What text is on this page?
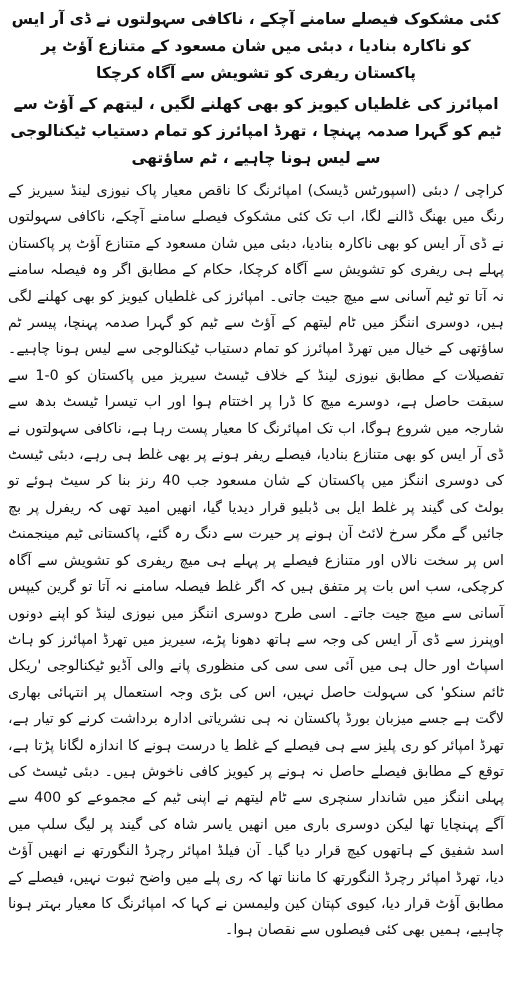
کئی مشکوک فیصلے سامنے آچکے ، ناکافی سہولتوں نے ڈی آر ایس کو ناکارہ بنادیا ، دبئی میں شان مسعود کے متنازع آؤٹ پر پاکستان ریفری کو تشویش سے آگاہ کرچکا
امپائرز کی غلطیاں کیویز کو بھی کھلنے لگیں ، لیتھم کے آؤٹ سے ٹیم کو گہرا صدمہ پہنچا ، تھرڈ امپائرز کو تمام دستیاب ٹیکنالوجی سے لیس ہونا چاہیے ، ٹم ساؤتھی

کراچی / دبئی (اسپورٹس ڈیسک) امپائرنگ کا ناقص معیار پاک نیوزی لینڈ سیریز کے رنگ میں بھنگ ڈالنے لگا، اب تک کئی مشکوک فیصلے سامنے آچکے، ناکافی سہولتوں نے ڈی آر ایس کو بھی ناکارہ بنادیا، دبئی میں شان مسعود کے متنازع آؤٹ پر پاکستان پہلے ہی ریفری کو تشویش سے آگاہ کرچکا، حکام کے مطابق اگر وہ فیصلہ سامنے نہ آتا تو ٹیم آسانی سے میچ جیت جاتی۔ امپائرز کی غلطیاں کیویز کو بھی کھلنے لگی ہیں، دوسری اننگز میں ٹام لیتھم کے آؤٹ سے ٹیم کو گہرا صدمہ پہنچا، پیسر ٹم ساؤتھی کے خیال میں تھرڈ امپائرز کو تمام دستیاب ٹیکنالوجی سے لیس ہونا چاہیے۔ تفصیلات کے مطابق نیوزی لینڈ کے خلاف ٹیسٹ سیریز میں پاکستان کو 0-1 سے سبقت حاصل ہے، دوسرے میچ کا ڈرا پر اختتام ہوا اور اب تیسرا ٹیسٹ بدھ سے شارجہ میں شروع ہوگا، اب تک امپائرنگ کا معیار پست رہا ہے، ناکافی سہولتوں نے ڈی آر ایس کو بھی متنازع بنادیا، فیصلے ریفر ہونے پر بھی غلط ہی رہے، دبئی ٹیسٹ کی دوسری اننگز میں پاکستان کے شان مسعود جب 40 رنز بنا کر سیٹ ہوئے تو بولٹ کی گیند پر غلط ایل بی ڈبلیو قرار دیدیا گیا، انھیں امید تھی کہ ریفرل پر بچ جائیں گے مگر سرخ لائٹ آن ہونے پر حیرت سے دنگ رہ گئے، پاکستانی ٹیم مینجمنٹ اس پر سخت نالاں اور متنازع فیصلے پر پہلے ہی میچ ریفری کو تشویش سے آگاہ کرچکی، سب اس بات پر متفق ہیں کہ اگر غلط فیصلہ سامنے نہ آتا تو گرین کیپس آسانی سے میچ جیت جاتے۔ اسی طرح دوسری اننگز میں نیوزی لینڈ کو اپنے دونوں اوپنرز سے ڈی آر ایس کی وجہ سے ہاتھ دھونا پڑے، سیریز میں تھرڈ امپائرز کو ہاٹ اسپاٹ اور حال ہی میں آئی سی سی کی منظوری پانے والی آڈیو ٹیکنالوجی 'ریکل ٹائم سنکو' کی سہولت حاصل نہیں، اس کی بڑی وجہ استعمال پر انتہائی بھاری لاگت ہے جسے میزبان بورڈ پاکستان نہ ہی نشریاتی ادارہ برداشت کرنے کو تیار ہے، تھرڈ امپائر کو ری پلیز سے ہی فیصلے کے غلط یا درست ہونے کا اندازہ لگانا پڑتا ہے، توقع کے مطابق فیصلے حاصل نہ ہونے پر کیویز کافی ناخوش ہیں۔ دبئی ٹیسٹ کی پہلی اننگز میں شاندار سنچری سے ٹام لیتھم نے اپنی ٹیم کے مجموعے کو 400 سے آگے پہنچایا تھا لیکن دوسری باری میں انھیں یاسر شاہ کی گیند پر لیگ سلپ میں اسد شفیق کے ہاتھوں کیچ قرار دیا گیا۔ آن فیلڈ امپائر رچرڈ النگورتھ نے انھیں آؤٹ دیا، تھرڈ امپائر رچرڈ النگورتھ کا ماننا تھا کہ ری پلے میں واضح ثبوت نہیں، فیصلے کے مطابق آؤٹ قرار دیا، کیوی کپتان کین ولیمسن نے کہا کہ امپائرنگ کا معیار بہتر ہونا چاہیے، ہمیں بھی کئی فیصلوں سے نقصان ہوا۔
